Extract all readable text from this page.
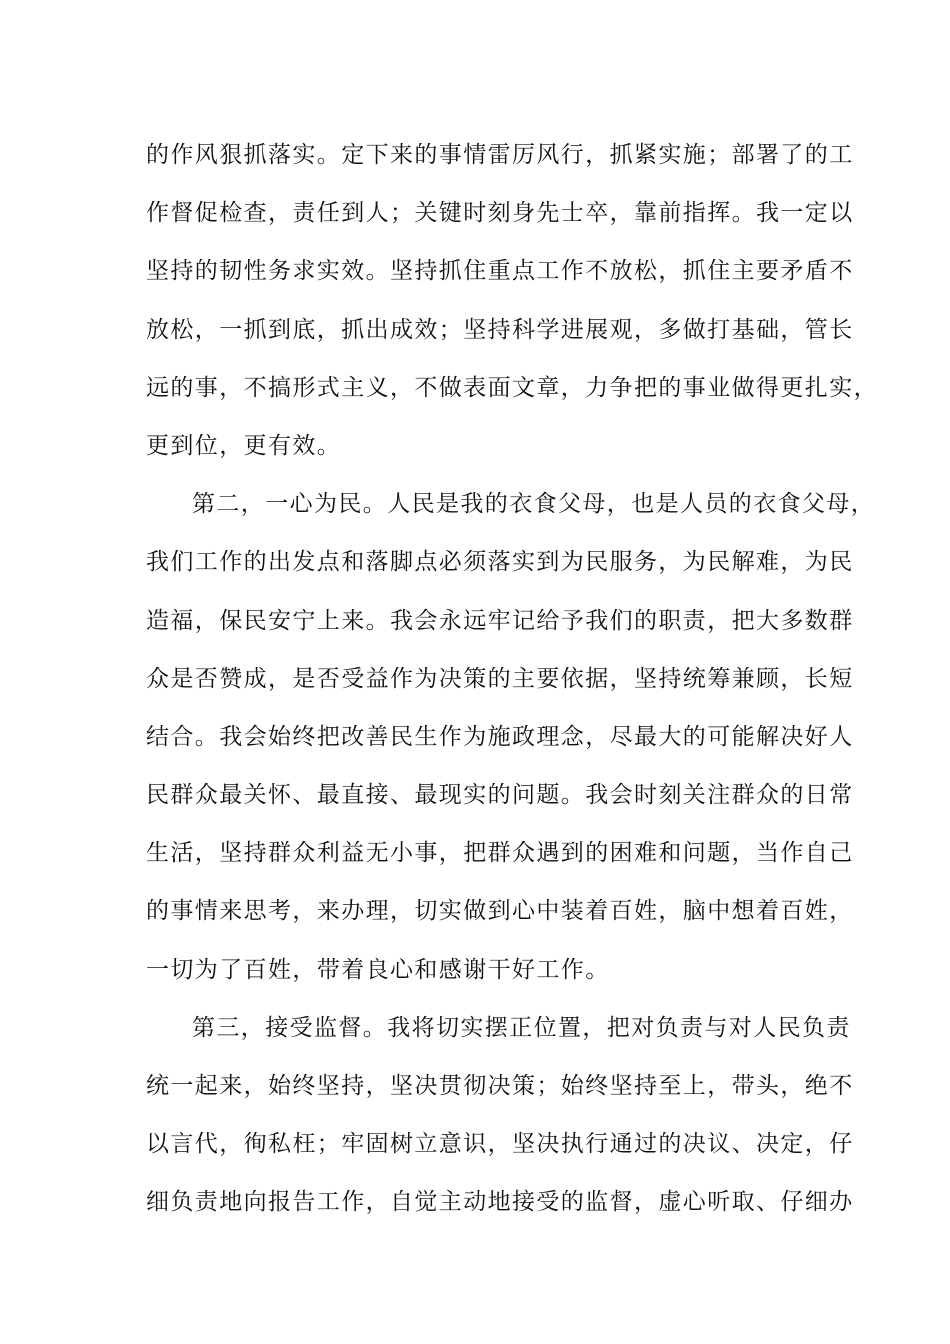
的作风狠抓落实。定下来的事情雷厉风行，抓紧实施；部署了的工
作督促检查，责任到人；关键时刻身先士卒，靠前指挥。我一定以
坚持的韧性务求实效。坚持抓住重点工作不放松，抓住主要矛盾不
放松，一抓到底，抓出成效；坚持科学进展观，多做打基础，管长
远的事，不搞形式主义，不做表面文章，力争把的事业做得更扎实，
更到位，更有效。
第二，一心为民。人民是我的衣食父母，也是人员的衣食父母，
我们工作的出发点和落脚点必须落实到为民服务，为民解难，为民
造福，保民安宁上来。我会永远牢记给予我们的职责，把大多数群
众是否赞成，是否受益作为决策的主要依据，坚持统筹兼顾，长短
结合。我会始终把改善民生作为施政理念，尽最大的可能解决好人
民群众最关怀、最直接、最现实的问题。我会时刻关注群众的日常
生活，坚持群众利益无小事，把群众遇到的困难和问题，当作自己
的事情来思考，来办理，切实做到心中装着百姓，脑中想着百姓，
一切为了百姓，带着良心和感谢干好工作。
第三，接受监督。我将切实摆正位置，把对负责与对人民负责
统一起来，始终坚持，坚决贯彻决策；始终坚持至上，带头，绝不
以言代，徇私枉；牢固树立意识，坚决执行通过的决议、决定，仔
细负责地向报告工作，自觉主动地接受的监督，虚心听取、仔细办
